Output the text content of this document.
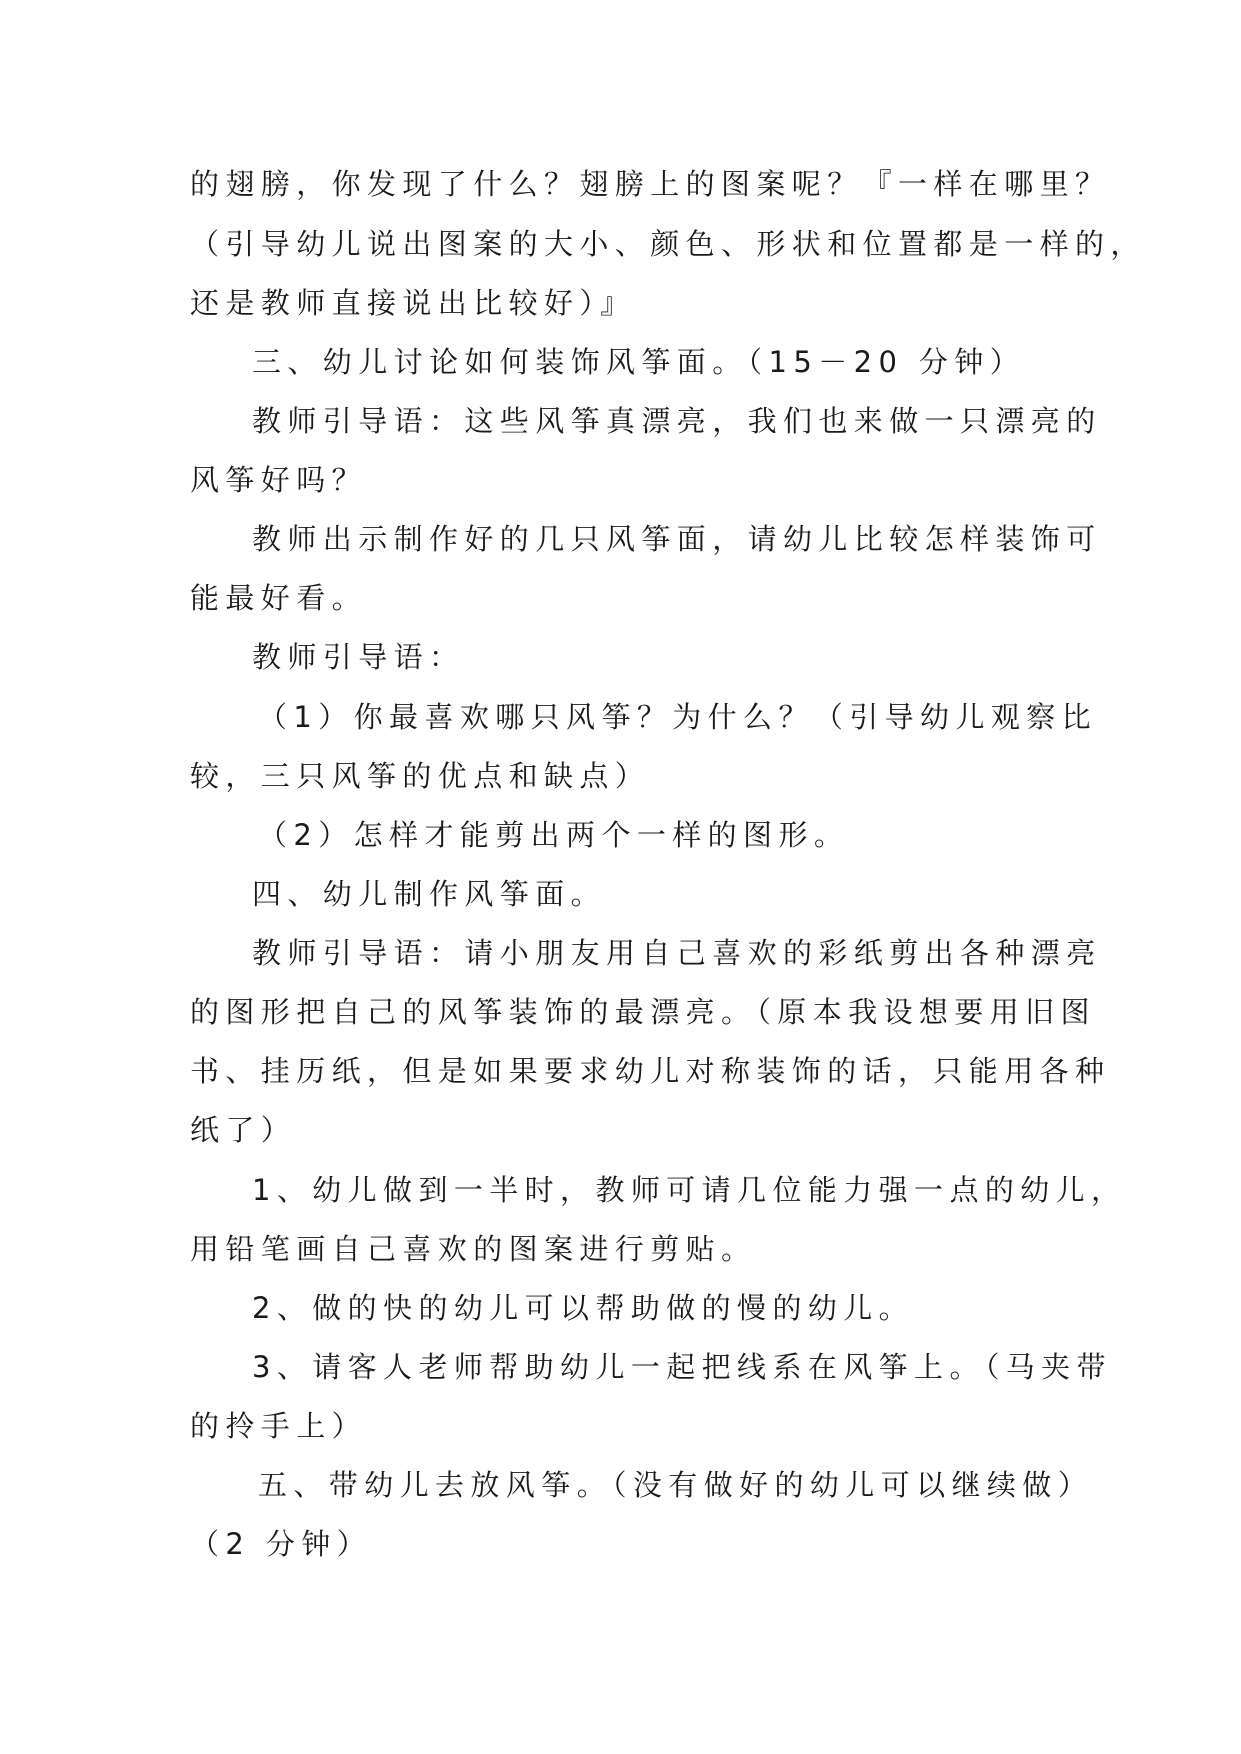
的翅膀，你发现了什么？翅膀上的图案呢？『一样在哪里？

（引导幼儿说出图案的大小、颜色、形状和位置都是一样的，

还是教师直接说出比较好）』

三、幼儿讨论如何装饰风筝面。（15－20 分钟）

教师引导语：这些风筝真漂亮，我们也来做一只漂亮的

风筝好吗？

教师出示制作好的几只风筝面，请幼儿比较怎样装饰可

能最好看。

教师引导语：

（1）你最喜欢哪只风筝？为什么？（引导幼儿观察比

较，三只风筝的优点和缺点）

（2）怎样才能剪出两个一样的图形。

四、幼儿制作风筝面。

教师引导语：请小朋友用自己喜欢的彩纸剪出各种漂亮

的图形把自己的风筝装饰的最漂亮。（原本我设想要用旧图

书、挂历纸，但是如果要求幼儿对称装饰的话，只能用各种

纸了）

1、幼儿做到一半时，教师可请几位能力强一点的幼儿，

用铅笔画自己喜欢的图案进行剪贴。

2、做的快的幼儿可以帮助做的慢的幼儿。

3、请客人老师帮助幼儿一起把线系在风筝上。（马夹带

的拎手上）

五、带幼儿去放风筝。（没有做好的幼儿可以继续做）

（2 分钟）
